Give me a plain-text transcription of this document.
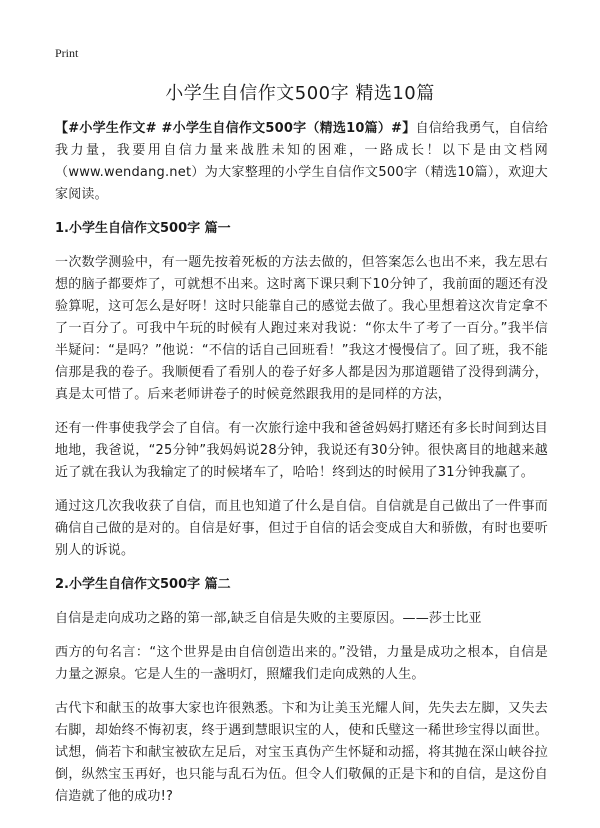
Print
小学生自信作文500字 精选10篇

【#小学生作文# #小学生自信作文500字（精选10篇）#】自信给我勇气，自信给我力量，我要用自信力量来战胜未知的困难，一路成长！以下是由文档网（www.wendang.net）为大家整理的小学生自信作文500字（精选10篇），欢迎大家阅读。

1.小学生自信作文500字 篇一

一次数学测验中，有一题先按着死板的方法去做的，但答案怎么也出不来，我左思右想的脑子都要炸了，可就想不出来。这时离下课只剩下10分钟了，我前面的题还有没验算呢，这可怎么是好呀！这时只能靠自己的感觉去做了。我心里想着这次肯定拿不了一百分了。可我中午玩的时候有人跑过来对我说：“你太牛了考了一百分。”我半信半疑问：“是吗？”他说：“不信的话自己回班看！”我这才慢慢信了。回了班，我不能信那是我的卷子。我顺便看了看别人的卷子好多人都是因为那道题错了没得到满分，真是太可惜了。后来老师讲卷子的时候竟然跟我用的是同样的方法，

还有一件事使我学会了自信。有一次旅行途中我和爸爸妈妈打赌还有多长时间到达目地地，我爸说，“25分钟”我妈妈说28分钟，我说还有30分钟。很快离目的地越来越近了就在我认为我输定了的时候堵车了，哈哈！终到达的时候用了31分钟我赢了。

通过这几次我收获了自信，而且也知道了什么是自信。自信就是自己做出了一件事而确信自己做的是对的。自信是好事，但过于自信的话会变成自大和骄傲，有时也要听别人的诉说。

2.小学生自信作文500字 篇二

自信是走向成功之路的第一部,缺乏自信是失败的主要原因。——莎士比亚

西方的句名言：“这个世界是由自信创造出来的。”没错，力量是成功之根本，自信是力量之源泉。它是人生的一盏明灯，照耀我们走向成熟的人生。

古代卞和献玉的故事大家也许很熟悉。卞和为让美玉光耀人间，先失去左脚，又失去右脚，却始终不悔初衷，终于遇到慧眼识宝的人，使和氏璧这一稀世珍宝得以面世。试想，倘若卞和献宝被砍左足后，对宝玉真伪产生怀疑和动摇，将其抛在深山峡谷拉倒，纵然宝玉再好，也只能与乱石为伍。但令人们敬佩的正是卞和的自信，是这份自信造就了他的成功!?
